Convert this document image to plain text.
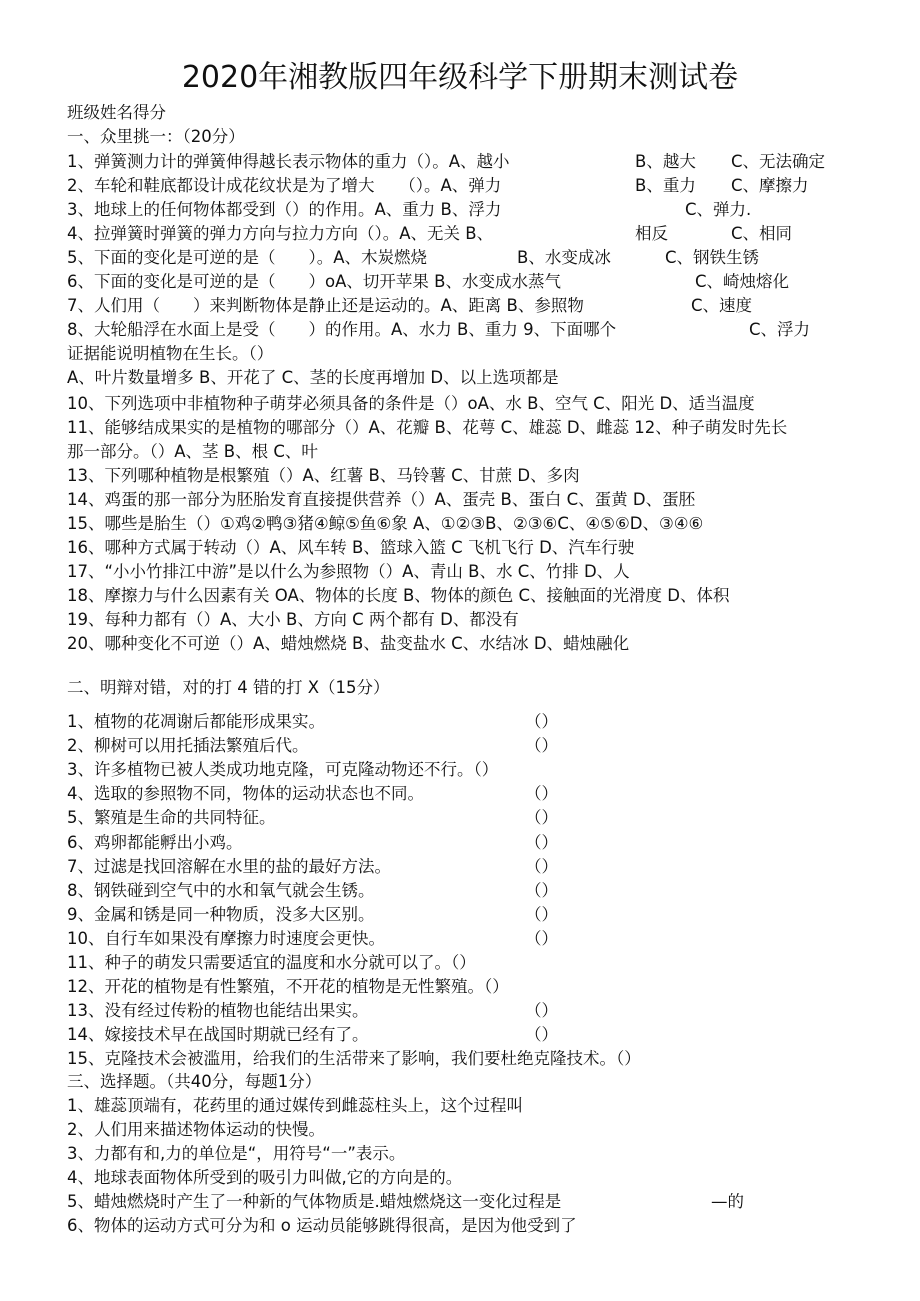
2020年湘教版四年级科学下册期末测试卷
班级姓名得分
一、众里挑一：（20分）
1、弹簧测力计的弹簧伸得越长表示物体的重力（）。A、越小	B、越大 C、无法确定
2、车轮和鞋底都设计成花纹状是为了增大　　（）。A、弹力	B、重力 C、摩擦力
3、地球上的任何物体都受到（）的作用。A、重力 B、浮力	C、弹力.
4、拉弹簧时弹簧的弹力方向与拉力方向（）。A、无关 B、	相反	C、相同
5、下面的变化是可逆的是（　　）。A、木炭燃烧	B、水变成冰	C、钢铁生锈
6、下面的变化是可逆的是（　　）oA、切开苹果 B、水变成水蒸气	C、崎烛熔化
7、人们用（　　）来判断物体是静止还是运动的。A、距离 B、参照物	C、速度
8、大轮船浮在水面上是受（　　）的作用。A、水力 B、重力 9、下面哪个	C、浮力
证据能说明植物在生长。（）
A、叶片数量增多 B、开花了 C、茎的长度再增加 D、以上选项都是
10、下列选项中非植物种子萌芽必须具备的条件是（）oA、水 B、空气 C、阳光 D、适当温度
11、能够结成果实的是植物的哪部分（）A、花瓣 B、花萼 C、雄蕊 D、雌蕊 12、种子萌发时先长
那一部分。（）A、茎 B、根 C、叶
13、下列哪种植物是根繁殖（）A、红薯 B、马铃薯 C、甘蔗 D、多肉
14、鸡蛋的那一部分为胚胎发育直接提供营养（）A、蛋壳 B、蛋白 C、蛋黄 D、蛋胚
15、哪些是胎生（）①鸡②鸭③猪④鲸⑤鱼⑥象 A、①②③B、②③⑥C、④⑤⑥D、③④⑥
16、哪种方式属于转动（）A、风车转 B、篮球入篮 C 飞机飞行 D、汽车行驶
17、“小小竹排江中游”是以什么为参照物（）A、青山 B、水 C、竹排 D、人
18、摩擦力与什么因素有关 OA、物体的长度 B、物体的颜色 C、接触面的光滑度 D、体积
19、每种力都有（）A、大小 B、方向 C 两个都有 D、都没有
20、哪种变化不可逆（）A、蜡烛燃烧 B、盐变盐水 C、水结冰 D、蜡烛融化
二、明辩对错，对的打 4 错的打 X（15分）
1、植物的花凋谢后都能形成果实。	（）
2、柳树可以用托插法繁殖后代。	（）
3、许多植物已被人类成功地克隆，可克隆动物还不行。（）
4、选取的参照物不同，物体的运动状态也不同。	（）
5、繁殖是生命的共同特征。	（）
6、鸡卵都能孵出小鸡。	（）
7、过滤是找回溶解在水里的盐的最好方法。	（）
8、钢铁碰到空气中的水和氧气就会生锈。	（）
9、金属和锈是同一种物质，没多大区别。	（）
10、自行车如果没有摩擦力时速度会更快。	（）
11、种子的萌发只需要适宜的温度和水分就可以了。（）
12、开花的植物是有性繁殖，不开花的植物是无性繁殖。（）
13、没有经过传粉的植物也能结出果实。	（）
14、嫁接技术早在战国时期就已经有了。	（）
15、克隆技术会被滥用，给我们的生活带来了影响，我们要杜绝克隆技术。（）
三、选择题。（共40分，每题1分）
1、雄蕊顶端有，花药里的通过媒传到雌蕊柱头上，这个过程叫
2、人们用来描述物体运动的快慢。
3、力都有和,力的单位是“，用符号“一”表示。
4、地球表面物体所受到的吸引力叫做,它的方向是的。
5、蜡烛燃烧时产生了一种新的气体物质是.蜡烛燃烧这一变化过程是	—的
6、物体的运动方式可分为和 o 运动员能够跳得很高，是因为他受到了
